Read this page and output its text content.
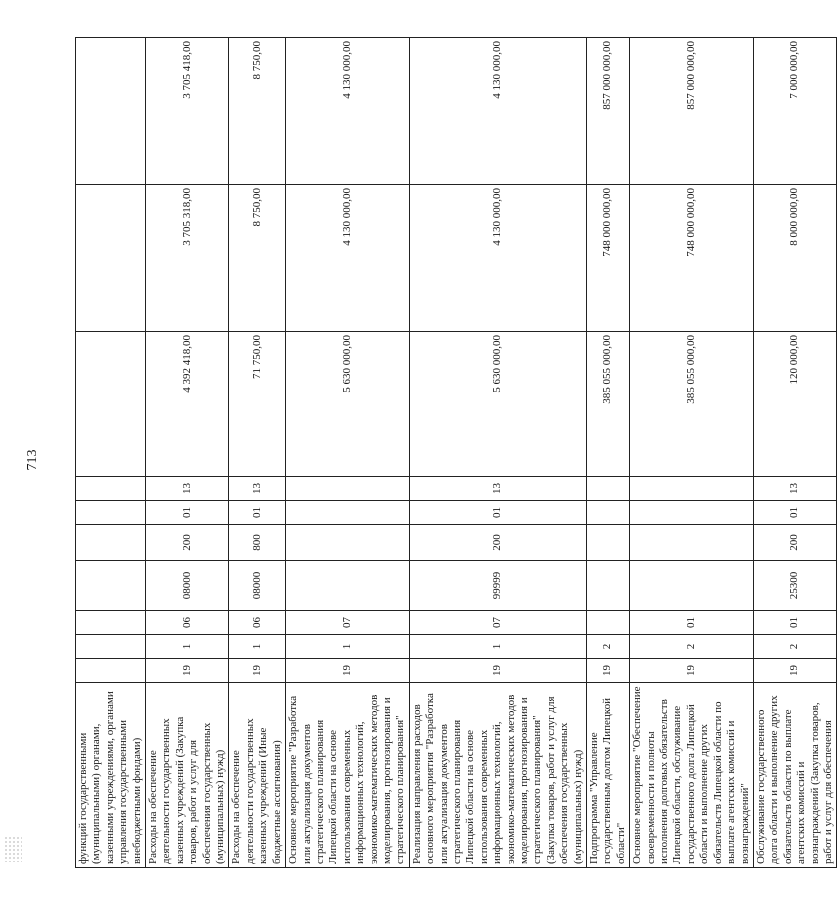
713
функций государственными (муниципальными) органами, казенными учреждениями, органами управления государственными внебюджетными фондами)										
Расходы на обеспечение деятельности государственных казенных учреждений (Закупка товаров, работ и услуг для обеспечения государственных (муниципальных) нужд)	19	1	06	08000	200	01	13	4 392 418,00	3 705 318,00	3 705 418,00
Расходы на обеспечение деятельности государственных казенных учреждений (Иные бюджетные ассигнования)	19	1	06	08000	800	01	13	71 750,00	8 750,00	8 750,00
Основное мероприятие "Разработка или актуализация документов стратегического планирования Липецкой области на основе использования современных информационных технологий, экономико-математических методов моделирования, прогнозирования и стратегического планирования"	19	1	07					5 630 000,00	4 130 000,00	4 130 000,00
Реализация направления расходов основного мероприятия "Разработка или актуализация документов стратегического планирования Липецкой области на основе использования современных информационных технологий, экономико-математических методов моделирования, прогнозирования и стратегического планирования" (Закупка товаров, работ и услуг для обеспечения государственных (муниципальных) нужд)	19	1	07	99999	200	01	13	5 630 000,00	4 130 000,00	4 130 000,00
Подпрограмма "Управление государственным долгом Липецкой области"	19	2						385 055 000,00	748 000 000,00	857 000 000,00
Основное мероприятие "Обеспечение своевременности и полноты исполнения долговых обязательств Липецкой области, обслуживание государственного долга Липецкой области и выполнение других обязательств Липецкой области по выплате агентских комиссий и вознаграждений"	19	2	01					385 055 000,00	748 000 000,00	857 000 000,00
Обслуживание государственного долга области и выполнение других обязательств области по выплате агентских комиссий и вознаграждений (Закупка товаров, работ и услуг для обеспечения	19	2	01	25300	200	01	13	120 000,00	8 000 000,00	7 000 000,00
